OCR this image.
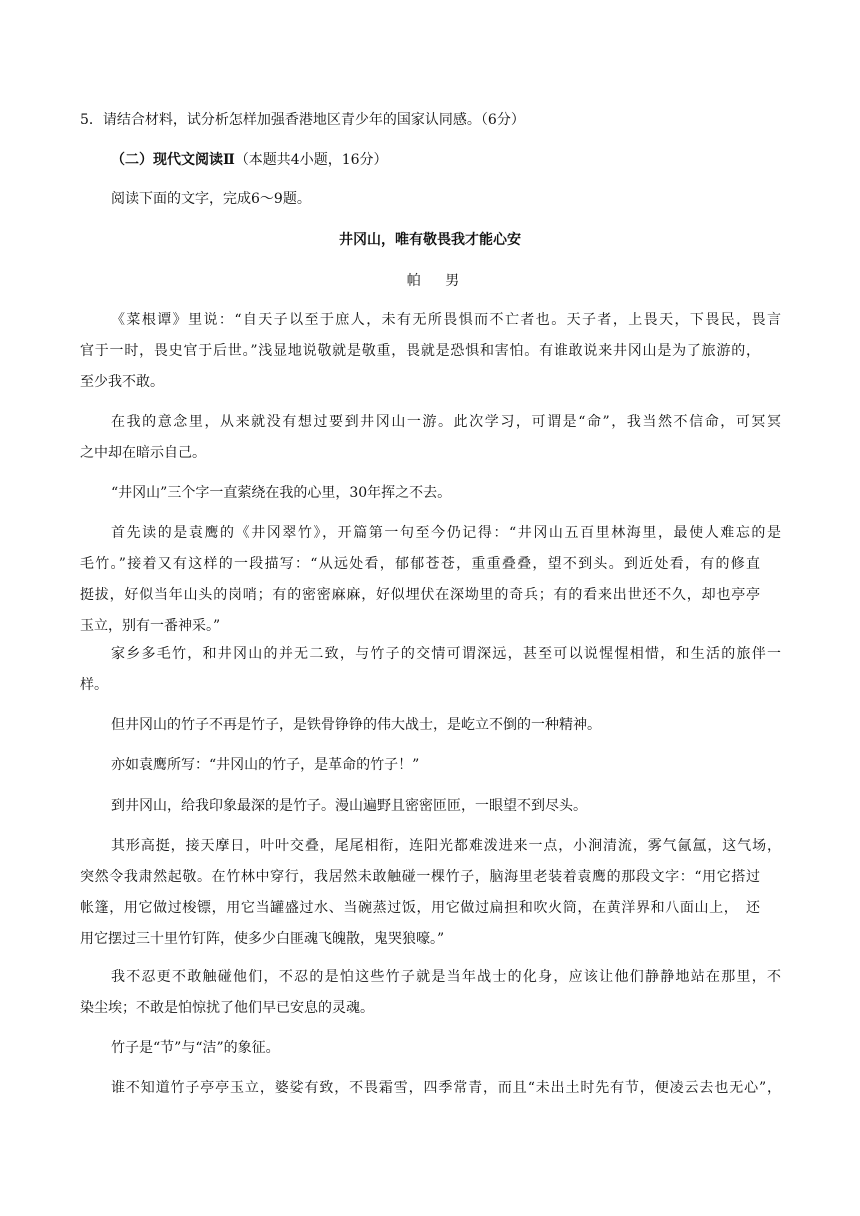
5．请结合材料，试分析怎样加强香港地区青少年的国家认同感。（6分）
（二）现代文阅读Ⅱ（本题共4小题，16分）
阅读下面的文字，完成6～9题。
井冈山，唯有敬畏我才能心安
帕 男
《菜根谭》里说：“自天子以至于庶人，未有无所畏惧而不亡者也。天子者，上畏天，下畏民，畏言
官于一时，畏史官于后世。”浅显地说敬就是敬重，畏就是恐惧和害怕。有谁敢说来井冈山是为了旅游的，
至少我不敢。
在我的意念里，从来就没有想过要到井冈山一游。此次学习，可谓是“命”，我当然不信命，可冥冥
之中却在暗示自己。
“井冈山”三个字一直萦绕在我的心里，30年挥之不去。
首先读的是袁鹰的《井冈翠竹》，开篇第一句至今仍记得：“井冈山五百里林海里，最使人难忘的是
毛竹。”接着又有这样的一段描写：“从远处看，郁郁苍苍，重重叠叠，望不到头。到近处看，有的修直
挺拔，好似当年山头的岗哨；有的密密麻麻，好似埋伏在深坳里的奇兵；有的看来出世还不久，却也亭亭
玉立，别有一番神采。”
家乡多毛竹，和井冈山的并无二致，与竹子的交情可谓深远，甚至可以说惺惺相惜，和生活的旅伴一
样。
但井冈山的竹子不再是竹子，是铁骨铮铮的伟大战士，是屹立不倒的一种精神。
亦如袁鹰所写：“井冈山的竹子，是革命的竹子！”
到井冈山，给我印象最深的是竹子。漫山遍野且密密匝匝，一眼望不到尽头。
其形高挺，接天摩日，叶叶交叠，尾尾相衔，连阳光都难泼进来一点，小涧清流，雾气氤氲，这气场，
突然令我肃然起敬。在竹林中穿行，我居然未敢触碰一棵竹子，脑海里老装着袁鹰的那段文字：“用它搭过
帐篷，用它做过梭镖，用它当罐盛过水、当碗蒸过饭，用它做过扁担和吹火筒，在黄洋界和八面山上，　还
用它摆过三十里竹钉阵，使多少白匪魂飞魄散，鬼哭狼嚎。”
我不忍更不敢触碰他们，不忍的是怕这些竹子就是当年战士的化身，应该让他们静静地站在那里，不
染尘埃；不敢是怕惊扰了他们早已安息的灵魂。
竹子是“节”与“洁”的象征。
谁不知道竹子亭亭玉立，婆娑有致，不畏霜雪，四季常青，而且“未出土时先有节，便凌云去也无心”，
